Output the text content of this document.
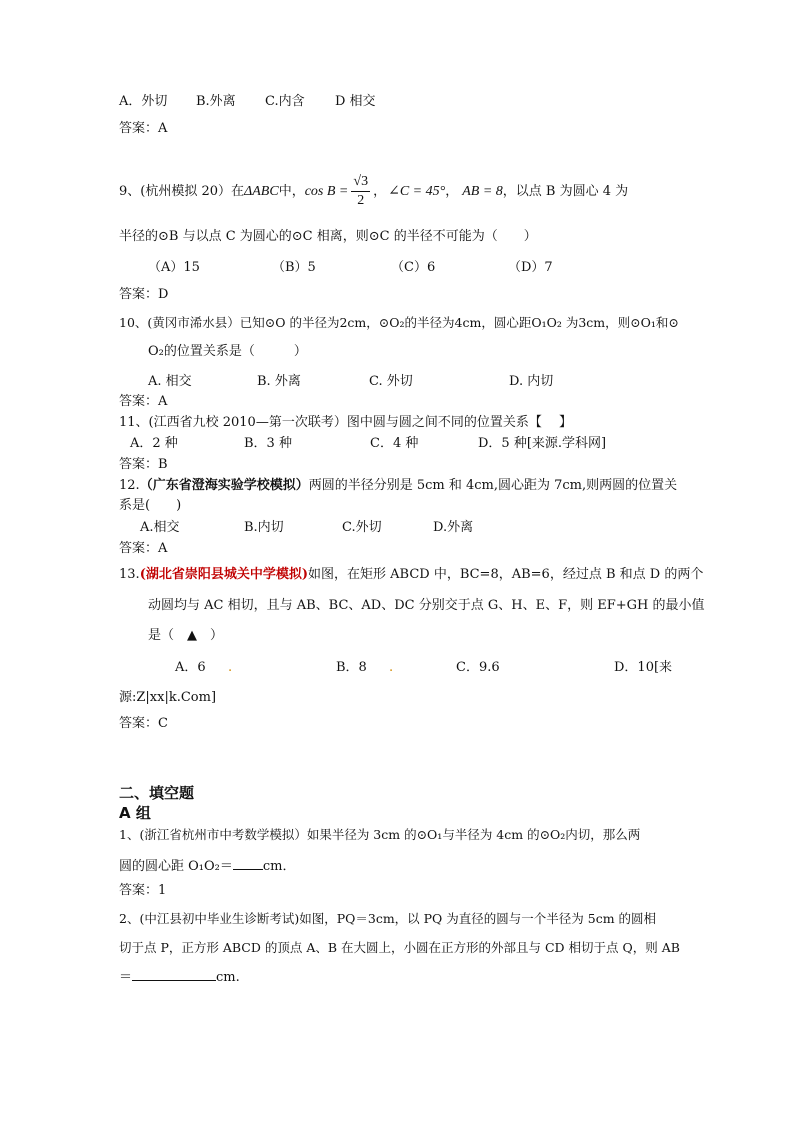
A．外切 B.外离 C.内含 D 相交
答案：A
9、(杭州模拟 20）在ΔABC中，$\cos B = \frac{√3}{2}$ ， ∠C = 45°， AB = 8，以点 B 为圆心 4 为
半径的⊙B 与以点 C 为圆心的⊙C 相离，则⊙C 的半径不可能为（　　）
（A）15	（B）5	（C）6	（D）7
答案：D
10、(黄冈市浠水县）已知⊙O 的半径为2cm，⊙O₂的半径为4cm，圆心距O₁O₂ 为3cm，则⊙O₁和⊙
O₂的位置关系是（　　　）
A. 相交	B. 外离	C. 外切	D. 内切
答案：A
11、(江西省九校 2010—第一次联考）图中圆与圆之间不同的位置关系【　 】
A．2 种	B．3 种	C．4 种	D．5 种[来源.学科网]
答案：B
12.（广东省澄海实验学校模拟）两圆的半径分别是 5cm 和 4cm,圆心距为 7cm,则两圆的位置关
系是(　　)
A.相交	B.内切	C.外切	D.外离
答案：A
13.(湖北省崇阳县城关中学模拟)如图，在矩形 ABCD 中，BC=8，AB=6，经过点 B 和点 D 的两个
动圆均与 AC 相切，且与 AB、BC、AD、DC 分别交于点 G、H、E、F，则 EF+GH 的最小值
是（　▲　）
A．6 .	B．8 .	C．9.6	D．10[来
源:Z|xx|k.Com]
答案：C
二、填空题
A 组
1、(浙江省杭州市中考数学模拟）如果半径为 3cm 的⊙O₁与半径为 4cm 的⊙O₂内切，那么两
圆的圆心距 O₁O₂＝ cm．
答案：1
2、(中江县初中毕业生诊断考试)如图，PQ＝3cm，以 PQ 为直径的圆与一个半径为 5cm 的圆相
切于点 P，正方形 ABCD 的顶点 A、B 在大圆上，小圆在正方形的外部且与 CD 相切于点 Q，则 AB
＝	cm.
